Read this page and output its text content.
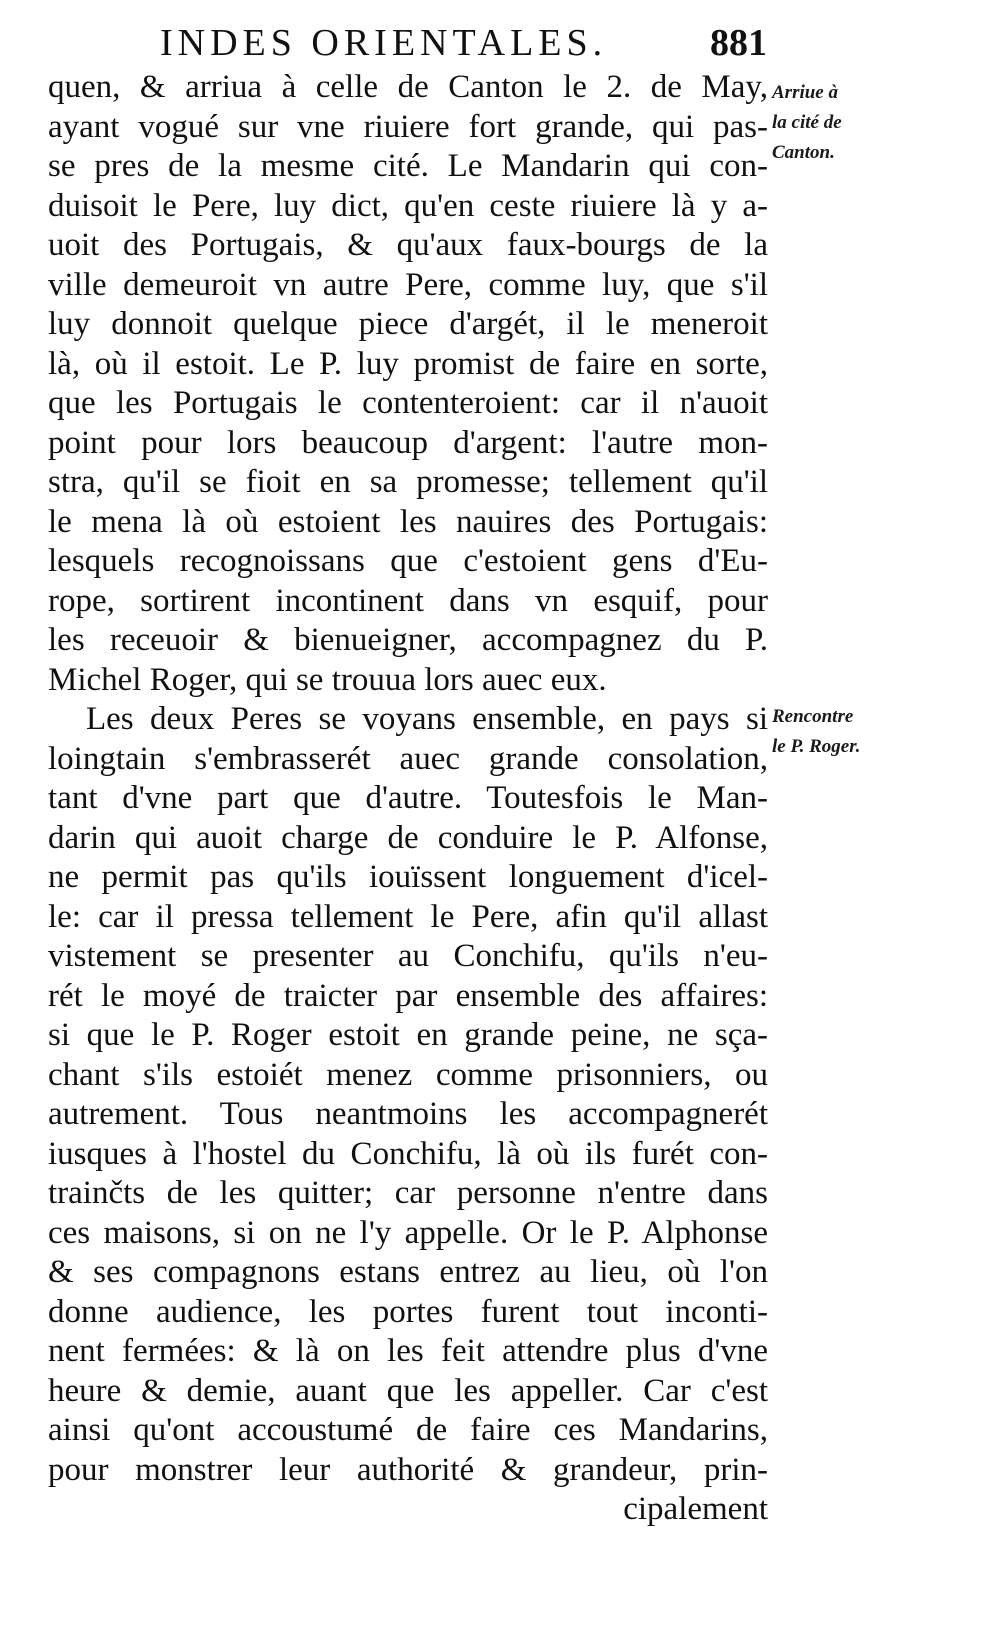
INDES ORIENTALES.	881
quen, & arriua à celle de Canton le 2. de May,
ayant vogué sur vne riuiere fort grande, qui pas-
se pres de la mesme cité. Le Mandarin qui con-
duisoit le Pere, luy dict, qu'en ceste riuiere là y a-
uoit des Portugais, & qu'aux faux-bourgs de la
ville demeuroit vn autre Pere, comme luy, que s'il
luy donnoit quelque piece d'argét, il le meneroit
là, où il estoit. Le P. luy promist de faire en sorte,
que les Portugais le contenteroient: car il n'auoit
point pour lors beaucoup d'argent: l'autre mon-
stra, qu'il se fioit en sa promesse; tellement qu'il
le mena là où estoient les nauires des Portugais:
lesquels recognoissans que c'estoient gens d'Eu-
rope, sortirent incontinent dans vn esquif, pour
les receuoir & bienueigner, accompagnez du P.
Michel Roger, qui se trouua lors auec eux.
Les deux Peres se voyans ensemble, en pays si
loingtain s'embrasserét auec grande consolation,
tant d'vne part que d'autre. Toutesfois le Man-
darin qui auoit charge de conduire le P. Alfonse,
ne permit pas qu'ils iouïssent longuement d'icel-
le: car il pressa tellement le Pere, afin qu'il allast
vistement se presenter au Conchifu, qu'ils n'eu-
rét le moyé de traicter par ensemble des affaires:
si que le P. Roger estoit en grande peine, ne sça-
chant s'ils estoiét menez comme prisonniers, ou
autrement. Tous neantmoins les accompagnerét
iusques à l'hostel du Conchifu, là où ils furét con-
trainčts de les quitter; car personne n'entre dans
ces maisons, si on ne l'y appelle. Or le P. Alphonse
& ses compagnons estans entrez au lieu, où l'on
donne audience, les portes furent tout inconti-
nent fermées: & là on les feit attendre plus d'vne
heure & demie, auant que les appeller. Car c'est
ainsi qu'ont accoustumé de faire ces Mandarins,
pour monstrer leur authorité & grandeur, prin-
cipalement
Arriue à
la cité de
Canton.
Rencontre
le P. Roger.
